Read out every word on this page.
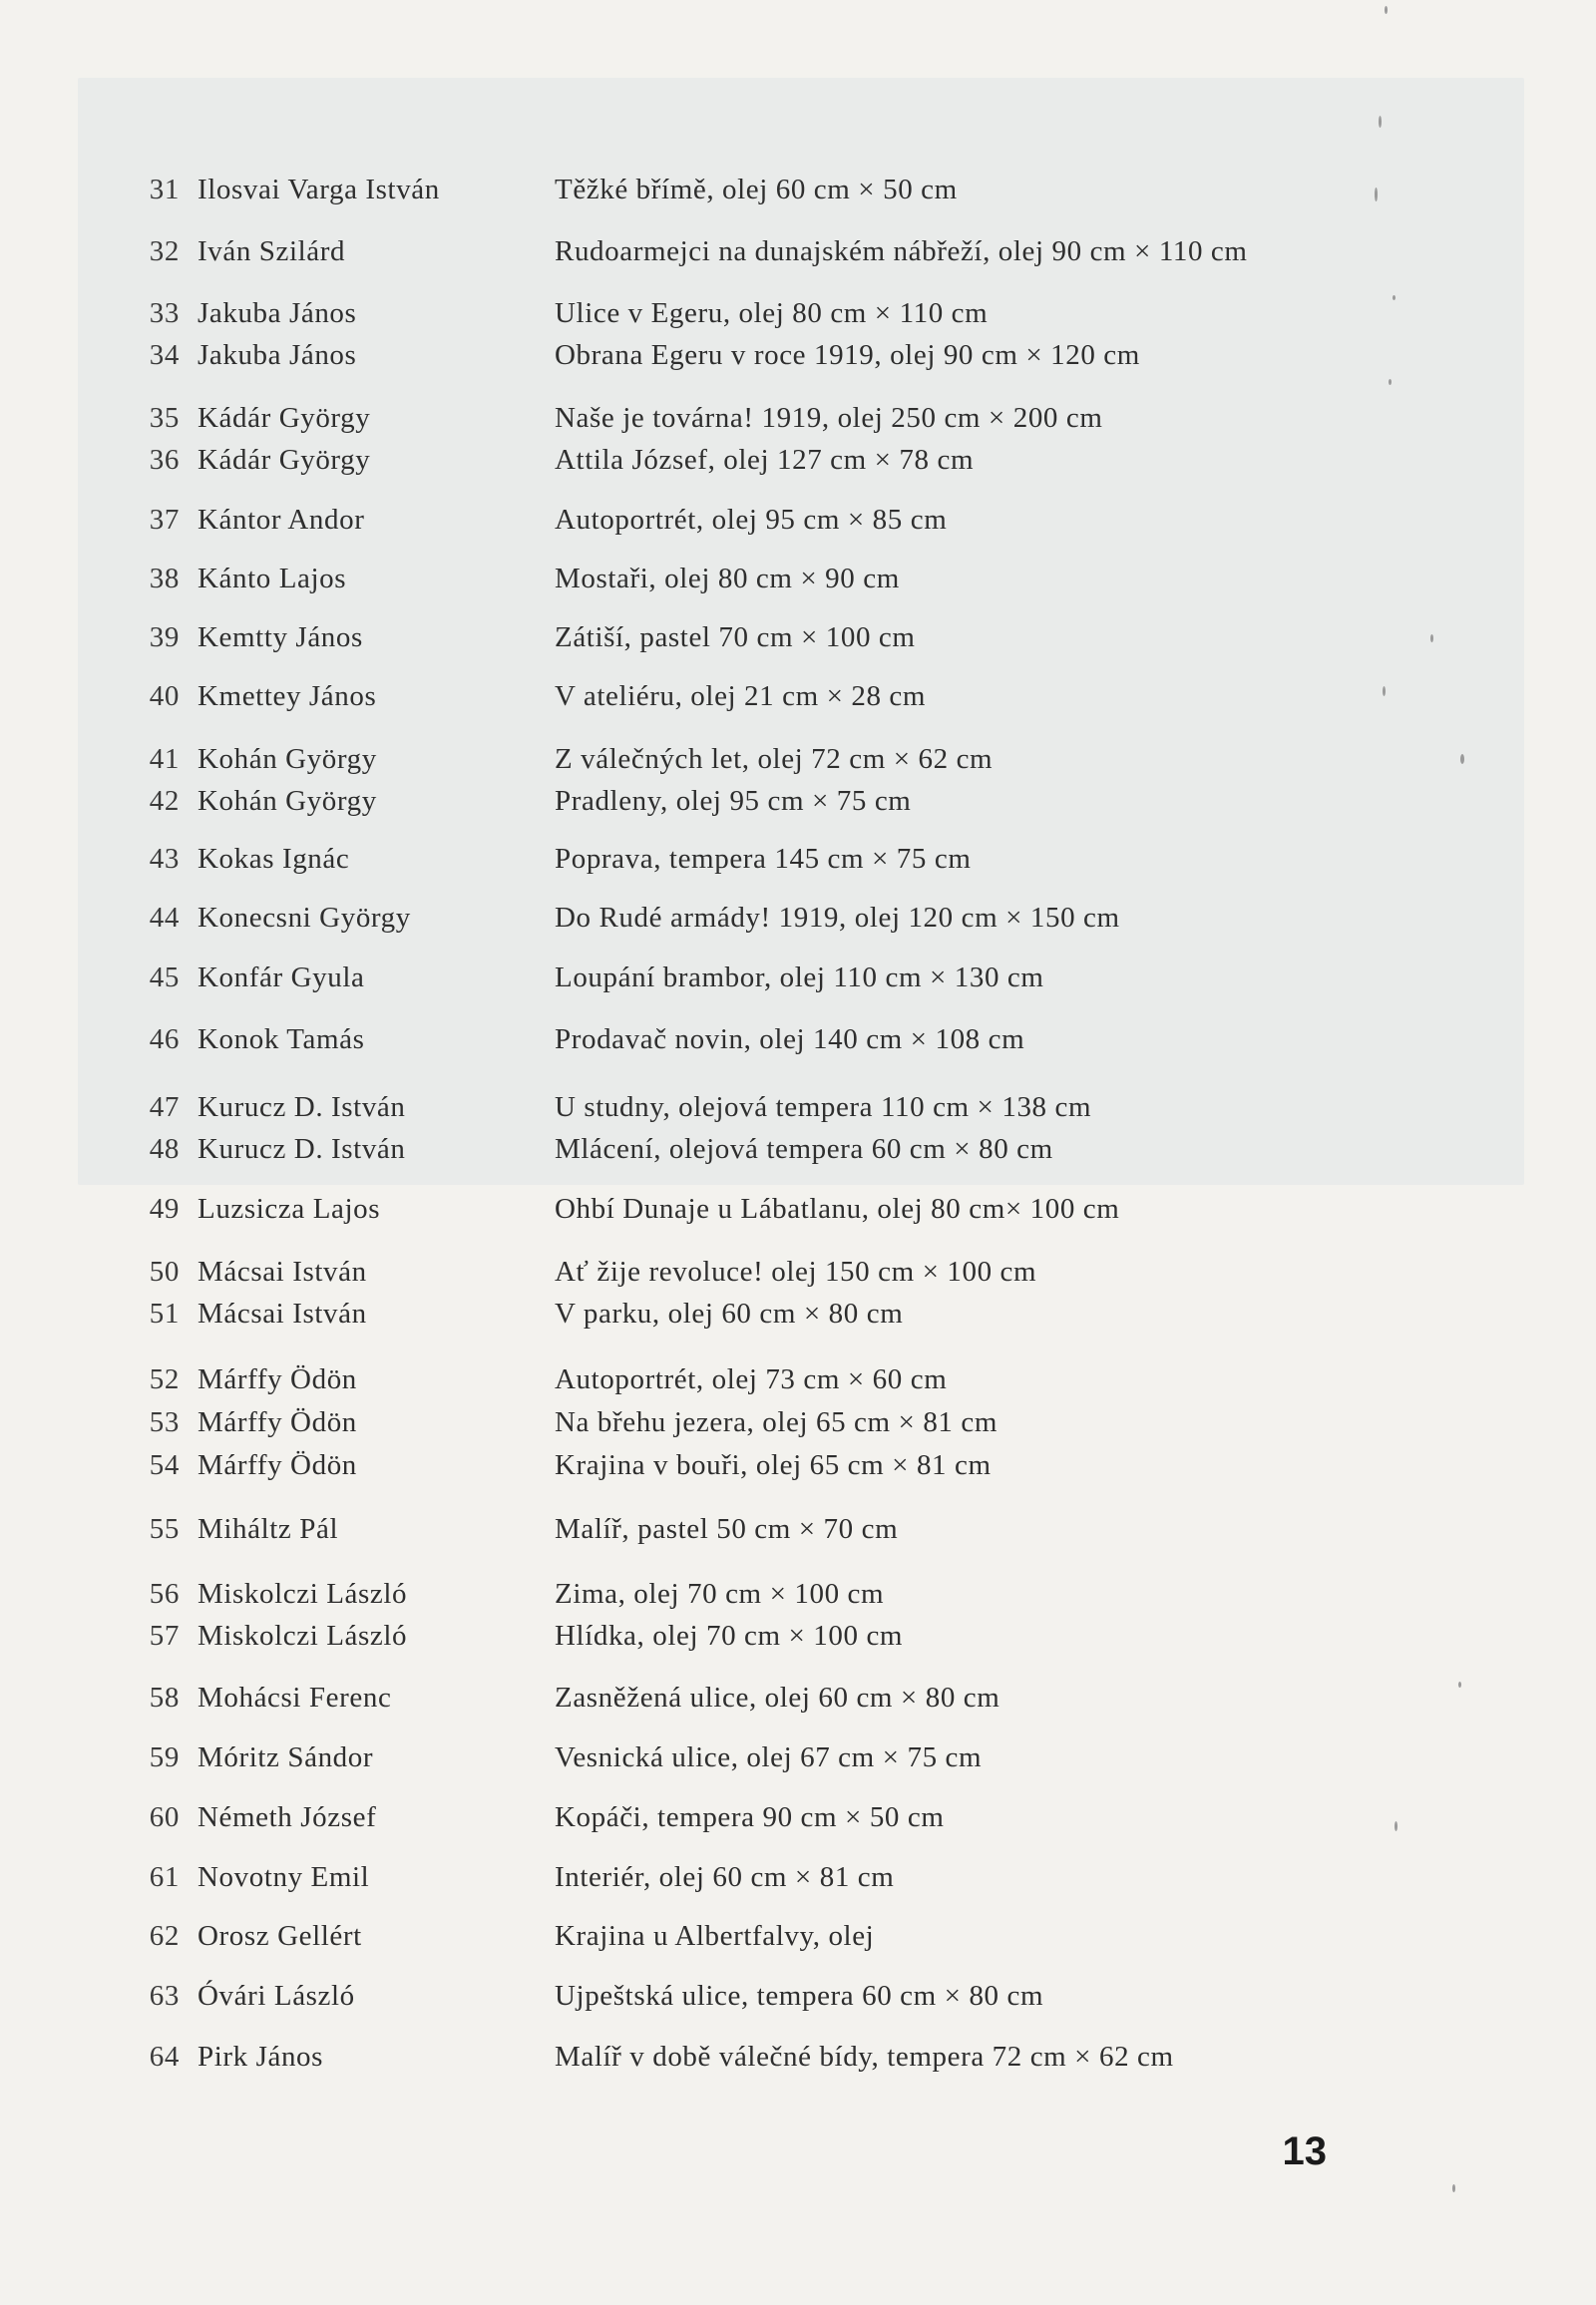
31 Ilosvai Varga István	Těžké břímě, olej 60 cm × 50 cm
32 Iván Szilárd	Rudoarmejci na dunajském nábřeží, olej 90 cm × 110 cm
33 Jakuba János	Ulice v Egeru, olej 80 cm × 110 cm
34 Jakuba János	Obrana Egeru v roce 1919, olej 90 cm × 120 cm
35 Kádár György	Naše je továrna! 1919, olej 250 cm × 200 cm
36 Kádár György	Attila József, olej 127 cm × 78 cm
37 Kántor Andor	Autoportrét, olej 95 cm × 85 cm
38 Kánto Lajos	Mostaři, olej 80 cm × 90 cm
39 Kemtty János	Zátiší, pastel 70 cm × 100 cm
40 Kmettey János	V ateliéru, olej 21 cm × 28 cm
41 Kohán György	Z válečných let, olej 72 cm × 62 cm
42 Kohán György	Pradleny, olej 95 cm × 75 cm
43 Kokas Ignác	Poprava, tempera 145 cm × 75 cm
44 Konecsni György	Do Rudé armády! 1919, olej 120 cm × 150 cm
45 Konfár Gyula	Loupání brambor, olej 110 cm × 130 cm
46 Konok Tamás	Prodavač novin, olej 140 cm × 108 cm
47 Kurucz D. István	U studny, olejová tempera 110 cm × 138 cm
48 Kurucz D. István	Mlácení, olejová tempera 60 cm × 80 cm
49 Luzsicza Lajos	Ohbí Dunaje u Lábatlanu, olej 80 cm× 100 cm
50 Mácsai István	Ať žije revoluce! olej 150 cm × 100 cm
51 Mácsai István	V parku, olej 60 cm × 80 cm
52 Márffy Ödön	Autoportrét, olej 73 cm × 60 cm
53 Márffy Ödön	Na břehu jezera, olej 65 cm × 81 cm
54 Márffy Ödön	Krajina v bouři, olej 65 cm × 81 cm
55 Miháltz Pál	Malíř, pastel 50 cm × 70 cm
56 Miskolczi László	Zima, olej 70 cm × 100 cm
57 Miskolczi László	Hlídka, olej 70 cm × 100 cm
58 Mohácsi Ferenc	Zasněžená ulice, olej 60 cm × 80 cm
59 Móritz Sándor	Vesnická ulice, olej 67 cm × 75 cm
60 Németh József	Kopáči, tempera 90 cm × 50 cm
61 Novotny Emil	Interiér, olej 60 cm × 81 cm
62 Orosz Gellért	Krajina u Albertfalvy, olej
63 Óvári László	Ujpeštská ulice, tempera 60 cm × 80 cm
64 Pirk János	Malíř v době válečné bídy, tempera 72 cm × 62 cm
13
